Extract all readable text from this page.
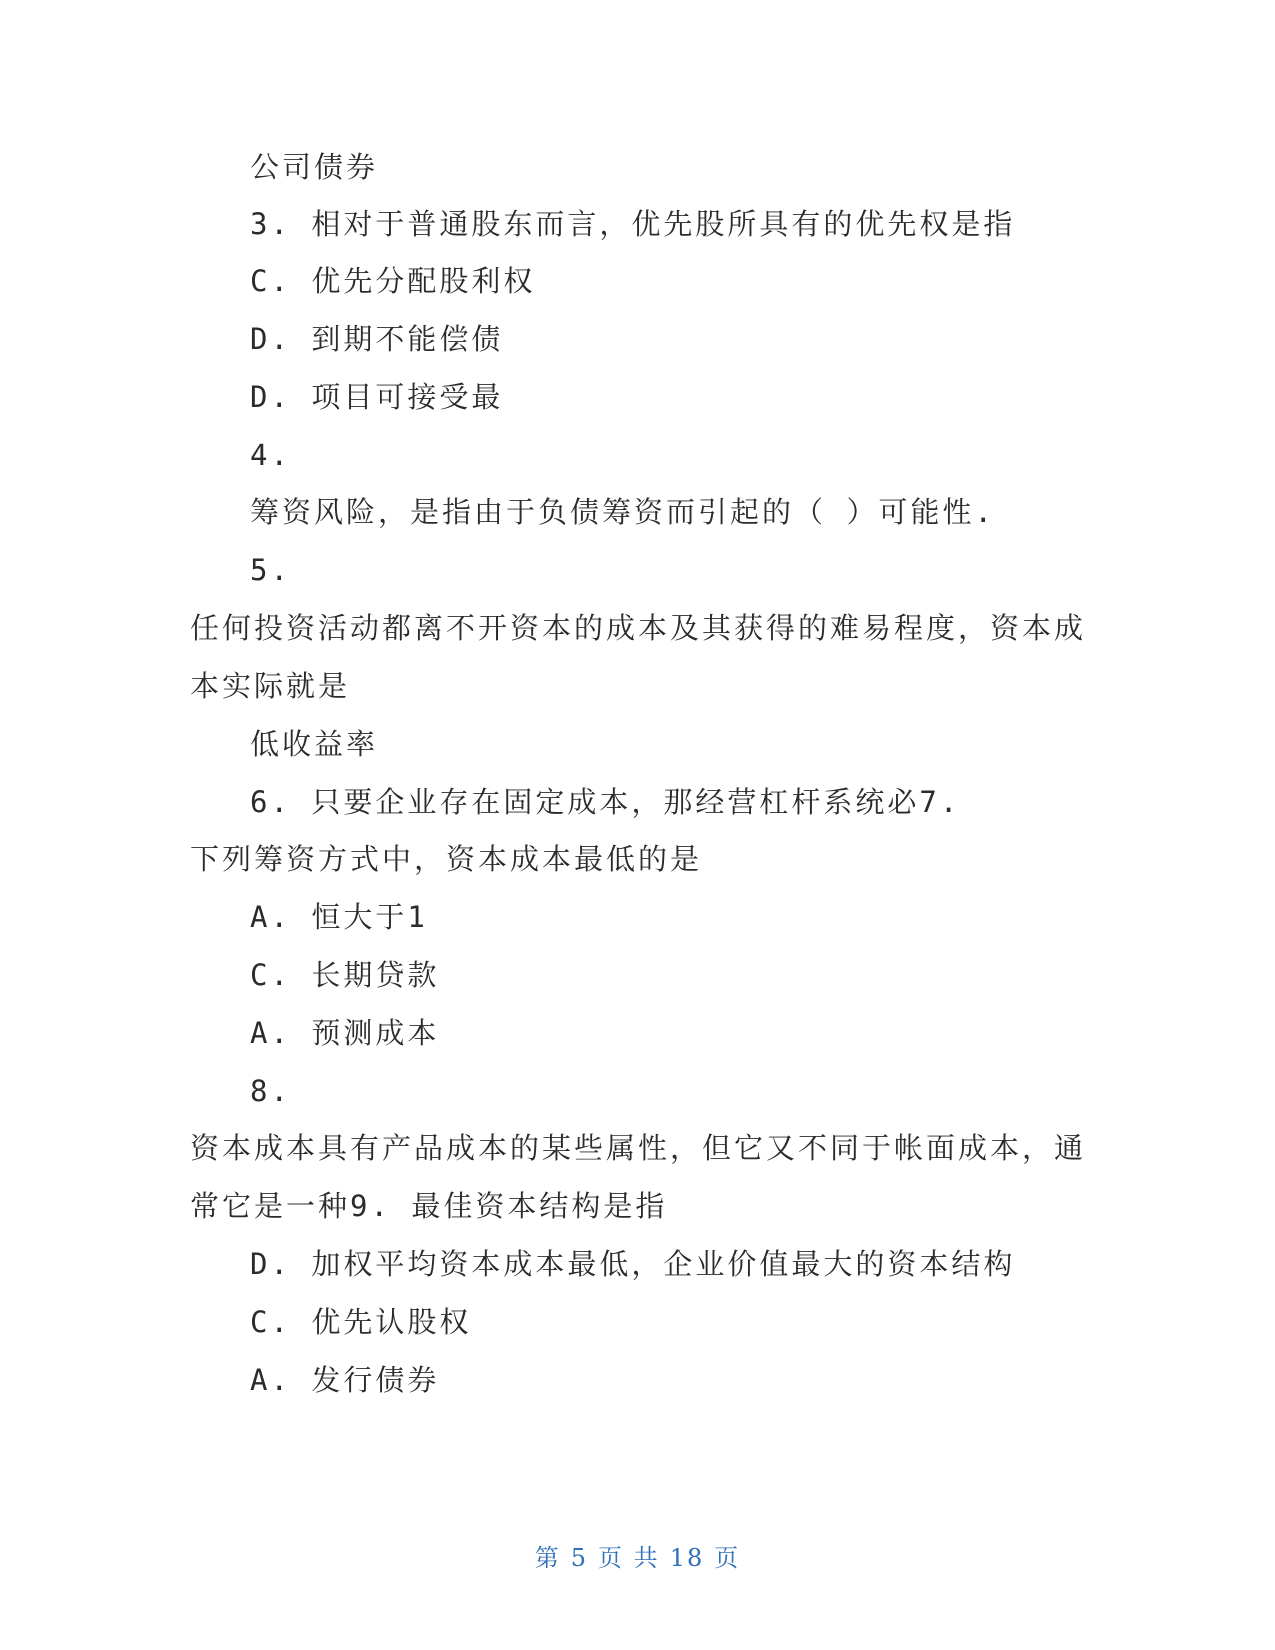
公司债券
3. 相对于普通股东而言，优先股所具有的优先权是指
C. 优先分配股利权
D. 到期不能偿债
D. 项目可接受最
4.
筹资风险，是指由于负债筹资而引起的（ ）可能性.
5.
任何投资活动都离不开资本的成本及其获得的难易程度，资本成
本实际就是
低收益率
6. 只要企业存在固定成本，那经营杠杆系统必7.
下列筹资方式中，资本成本最低的是
A. 恒大于1
C. 长期贷款
A. 预测成本
8.
资本成本具有产品成本的某些属性，但它又不同于帐面成本，通
常它是一种9. 最佳资本结构是指
D. 加权平均资本成本最低，企业价值最大的资本结构
C. 优先认股权
A. 发行债券
第 5 页 共 18 页
